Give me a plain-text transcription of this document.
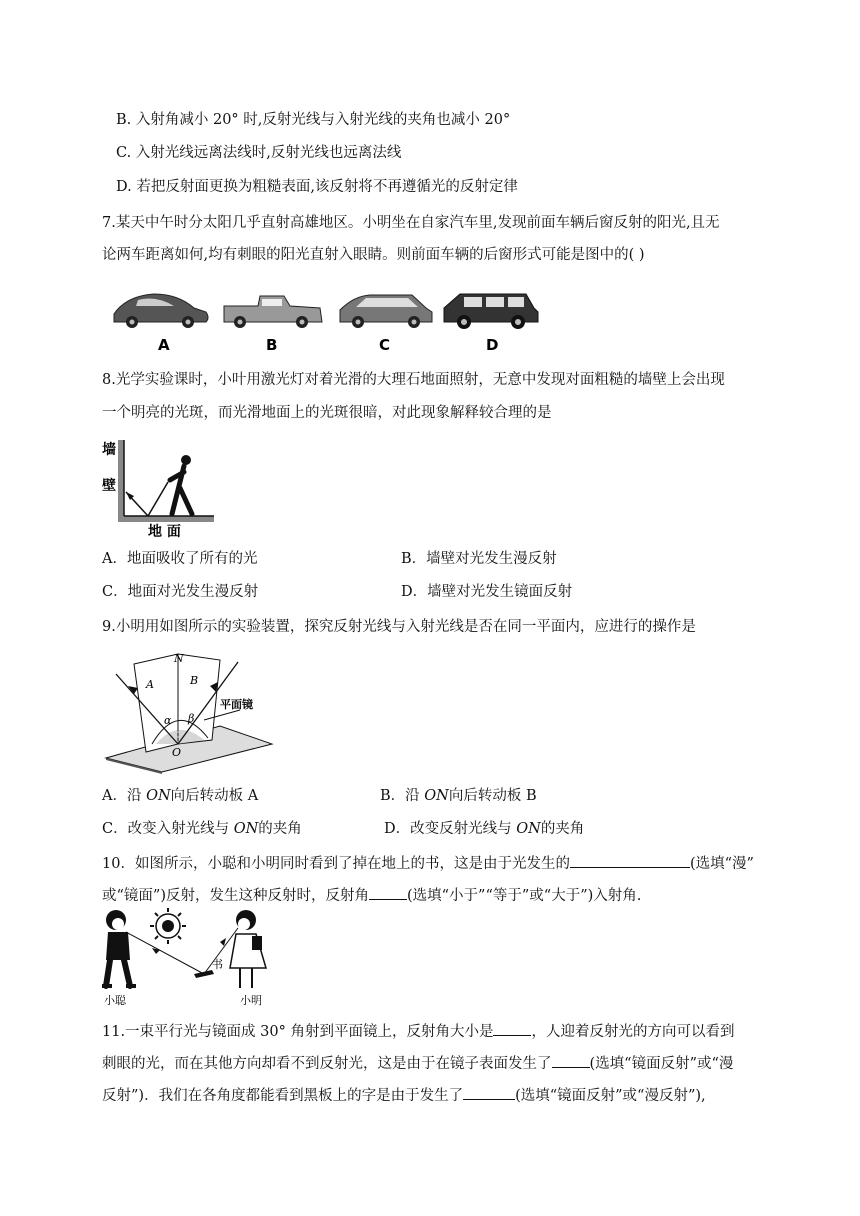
B. 入射角减小 20° 时,反射光线与入射光线的夹角也减小 20°
C. 入射光线远离法线时,反射光线也远离法线
D. 若把反射面更换为粗糙表面,该反射将不再遵循光的反射定律
7.某天中午时分太阳几乎直射高雄地区。小明坐在自家汽车里,发现前面车辆后窗反射的阳光,且无
论两车距离如何,均有刺眼的阳光直射入眼睛。则前面车辆的后窗形式可能是图中的( )
A	B	C	D
8.光学实验课时，小叶用激光灯对着光滑的大理石地面照射，无意中发现对面粗糙的墙壁上会出现
一个明亮的光斑，而光滑地面上的光斑很暗，对此现象解释较合理的是
墙
壁
地 面
A．地面吸收了所有的光	B．墙壁对光发生漫反射
C．地面对光发生漫反射	D．墙壁对光发生镜面反射
9.小明用如图所示的实验装置，探究反射光线与入射光线是否在同一平面内，应进行的操作是
N
A	B
α β
O
平面镜
A．沿 ON向后转动板 A	B．沿 ON向后转动板 B
C．改变入射光线与 ON的夹角	D．改变反射光线与 ON的夹角
10．如图所示，小聪和小明同时看到了掉在地上的书，这是由于光发生的	(选填“漫”
或“镜面”)反射，发生这种反射时，反射角	(选填“小于”“等于”或“大于”)入射角.
书
小聪	小明
11.一束平行光与镜面成 30° 角射到平面镜上，反射角大小是	，人迎着反射光的方向可以看到
刺眼的光，而在其他方向却看不到反射光，这是由于在镜子表面发生了	(选填“镜面反射”或“漫
反射”)．我们在各角度都能看到黑板上的字是由于发生了	(选填“镜面反射”或“漫反射”),
